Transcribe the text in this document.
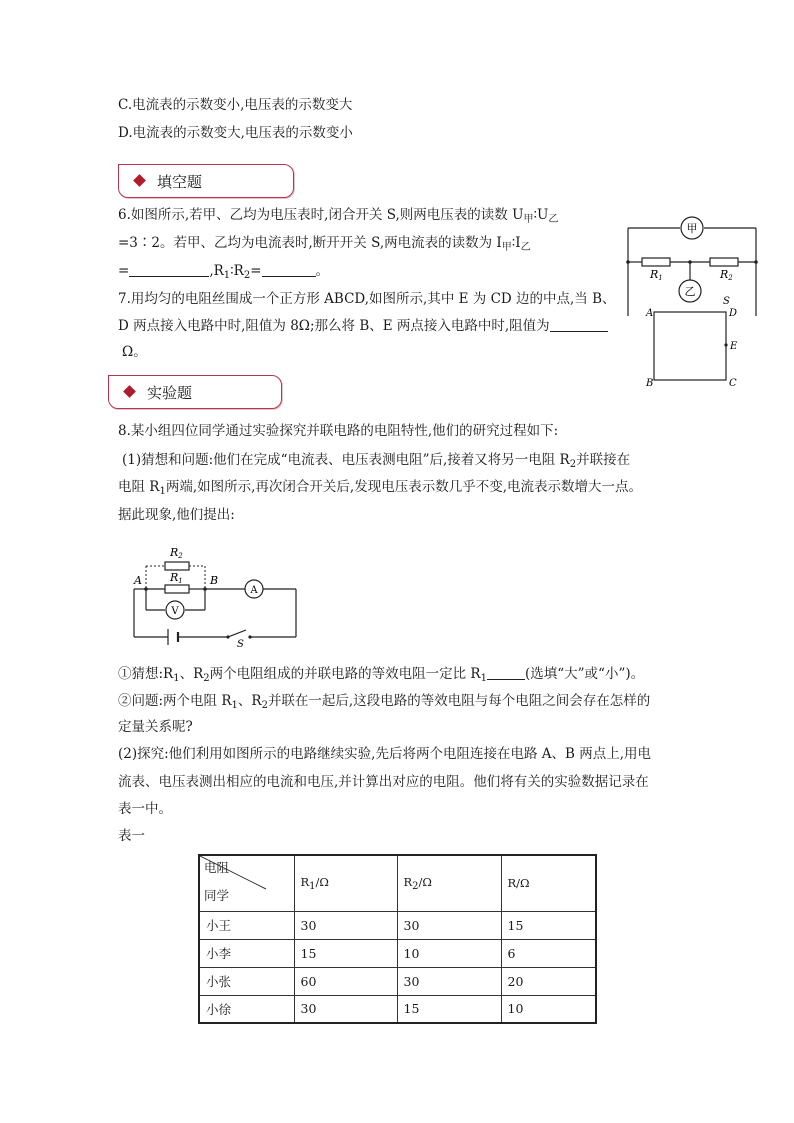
C.电流表的示数变小,电压表的示数变大
D.电流表的示数变大,电压表的示数变小
填空题
6.如图所示,若甲、乙均为电压表时,闭合开关 S,则两电压表的读数 $U_甲∶U_乙$
=3∶2。若甲、乙均为电流表时,断开开关 S,两电流表的读数为 $I_甲∶I_乙$
=	$,R_1∶R_2=$	。
7.用均匀的电阻丝围成一个正方形 ABCD,如图所示,其中 E 为 CD 边的中点,当 B、
D 两点接入电路中时,阻值为 8Ω;那么将 B、E 两点接入电路中时,阻值为
Ω。
甲
乙
R1	R2
S
A	D
E
B	C
实验题
8.某小组四位同学通过实验探究并联电路的电阻特性,他们的研究过程如下:
(1)猜想和问题:他们在完成“电流表、电压表测电阻”后,接着又将另一电阻 $R_2$并联接在
电阻 $R_1$两端,如图所示,再次闭合开关后,发现电压表示数几乎不变,电流表示数增大一点。
据此现象,他们提出:
R2
R1
A	B
A
V
S
①猜想$:R_1$、$R_2$两个电阻组成的并联电路的等效电阻一定比 $R_1$	(选填“大”或“小”)。
②问题:两个电阻 $R_1$、$R_2$并联在一起后,这段电路的等效电阻与每个电阻之间会存在怎样的
定量关系呢?
(2)探究:他们利用如图所示的电路继续实验,先后将两个电阻连接在电路 A、B 两点上,用电
流表、电压表测出相应的电流和电压,并计算出对应的电阻。他们将有关的实验数据记录在
表一中。
表一
电阻
同学	R1/Ω	R2/Ω	R/Ω
小王	30	30	15
小李	15	10	6
小张	60	30	20
小徐	30	15	10
